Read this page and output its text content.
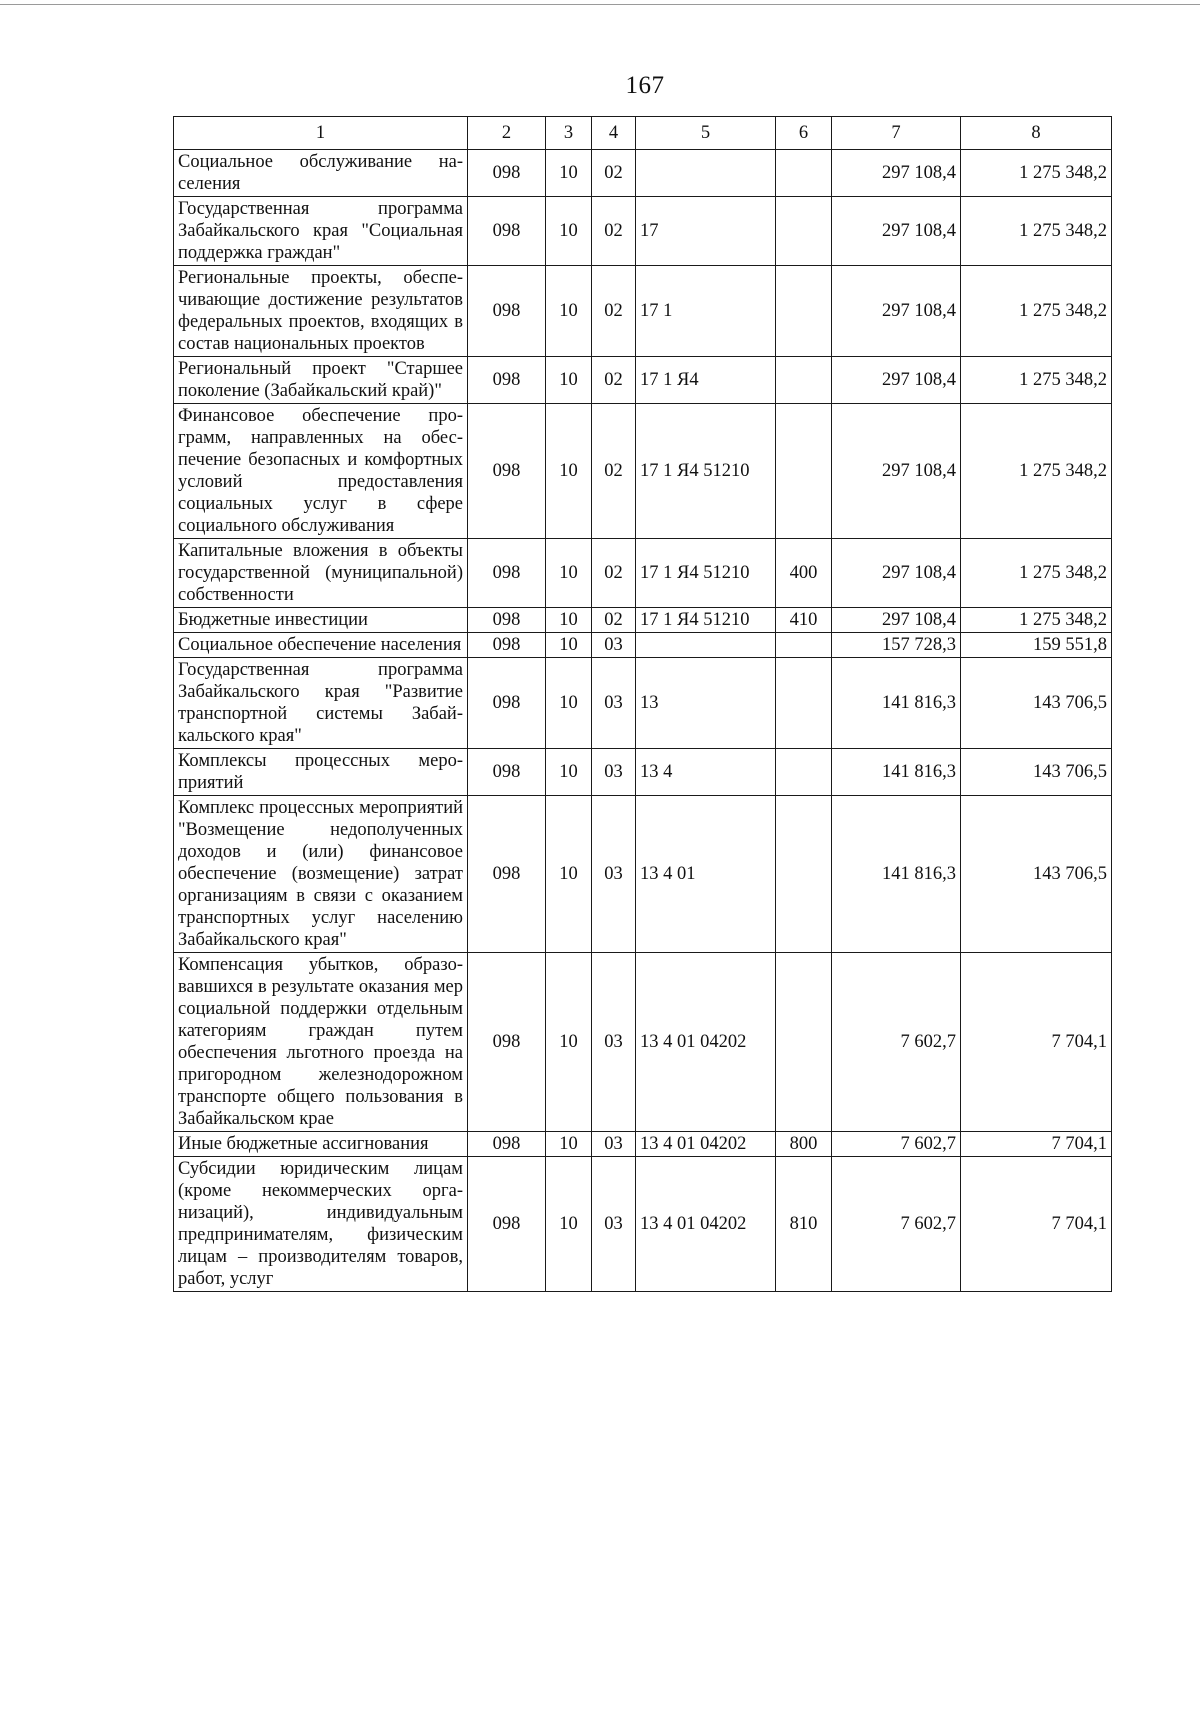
167
1	2	3	4	5	6	7	8
Социальное обслуживание населения	098	10	02			297 108,4	1 275 348,2
Государственная программа Забайкальского края "Социальная поддержка граждан"	098	10	02	17		297 108,4	1 275 348,2
Региональные проекты, обеспечивающие достижение результатов федеральных проектов, входящих в состав национальных проектов	098	10	02	17 1		297 108,4	1 275 348,2
Региональный проект "Старшее поколение (Забайкальский край)"	098	10	02	17 1 Я4		297 108,4	1 275 348,2
Финансовое обеспечение программ, направленных на обеспечение безопасных и комфортных условий предоставления социальных услуг в сфере социального обслуживания	098	10	02	17 1 Я4 51210		297 108,4	1 275 348,2
Капитальные вложения в объекты государственной (муниципальной) собственности	098	10	02	17 1 Я4 51210	400	297 108,4	1 275 348,2
Бюджетные инвестиции	098	10	02	17 1 Я4 51210	410	297 108,4	1 275 348,2
Социальное обеспечение населения	098	10	03			157 728,3	159 551,8
Государственная программа Забайкальского края "Развитие транспортной системы Забайкальского края"	098	10	03	13		141 816,3	143 706,5
Комплексы процессных мероприятий	098	10	03	13 4		141 816,3	143 706,5
Комплекс процессных мероприятий "Возмещение недополученных доходов и (или) финансовое обеспечение (возмещение) затрат организациям в связи с оказанием транспортных услуг населению Забайкальского края"	098	10	03	13 4 01		141 816,3	143 706,5
Компенсация убытков, образовавшихся в результате оказания мер социальной поддержки отдельным категориям граждан путем обеспечения льготного проезда на пригородном железнодорожном транспорте общего пользования в Забайкальском крае	098	10	03	13 4 01 04202		7 602,7	7 704,1
Иные бюджетные ассигнования	098	10	03	13 4 01 04202	800	7 602,7	7 704,1
Субсидии юридическим лицам (кроме некоммерческих организаций), индивидуальным предпринимателям, физическим лицам – производителям товаров, работ, услуг	098	10	03	13 4 01 04202	810	7 602,7	7 704,1
